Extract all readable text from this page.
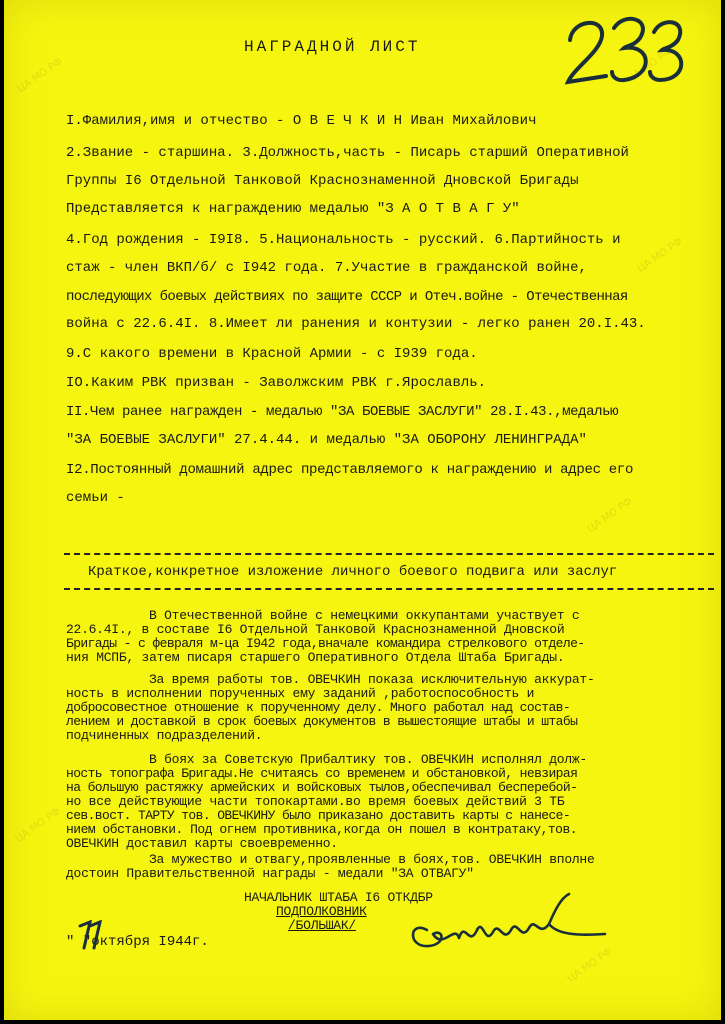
ЦА МО РФ	ЦА МО РФ
ЦА МО РФ
ЦА МО РФ
ЦА МО РФ
ЦА МО РФ
НАГРАДНОЙ ЛИСТ
I.Фамилия,имя и отчество - О В Е Ч К И Н Иван Михайлович
2.Звание - старшина. 3.Должность,часть - Писарь старший Оперативной
Группы I6 Отдельной Танковой Краснознаменной Дновской Бригады
Представляется к награждению медалью "З А О Т В А Г У"
4.Год рождения - I9I8. 5.Национальность - русский. 6.Партийность и
стаж - член ВКП/б/ с I942 года. 7.Участие в гражданской войне,
последующих боевых действиях по защите СССР и Отеч.войне - Отечественная
война с 22.6.4I. 8.Имеет ли ранения и контузии - легко ранен 20.I.43.
9.С какого времени в Красной Армии - с I939 года.
IO.Каким РВК призван - Заволжским РВК г.Ярославль.
II.Чем ранее награжден - медалью "ЗА БОЕВЫЕ ЗАСЛУГИ" 28.I.43.,медалью
"ЗА БОЕВЫЕ ЗАСЛУГИ" 27.4.44. и медалью "ЗА ОБОРОНУ ЛЕНИНГРАДА"
I2.Постоянный домашний адрес представляемого к награждению и адрес его
семьи -
Краткое,конкретное изложение личного боевого подвига или заслуг
В Отечественной войне с немецкими оккупантами участвует с
22.6.4I., в составе I6 Отдельной Танковой Краснознаменной Дновской
Бригады - с февраля м-ца I942 года,вначале командира стрелкового отделе-
ния МСПБ, затем писаря старшего Оперативного Отдела Штаба Бригады.
За время работы тов. ОВЕЧКИН показа исключительную аккурат-
ность в исполнении порученных ему заданий ,работоспособность и
добросовестное отношение к порученному делу. Много работал над состав-
лением и доставкой в срок боевых документов в вышестоящие штабы и штабы
подчиненных подразделений.
В боях за Советскую Прибалтику тов. ОВЕЧКИН исполнял долж-
ность топографа Бригады.Не считаясь со временем и обстановкой, невзирая
на большую растяжку армейских и войсковых тылов,обеспечивал бесперебой-
но все действующие части топокартами.во время боевых действий 3 ТБ
сев.вост. ТАРТУ тов. ОВЕЧКИНУ было приказано доставить карты с нанесе-
нием обстановки. Под огнем противника,когда он пошел в контратаку,тов.
ОВЕЧКИН доставил карты своевременно.
За мужество и отвагу,проявленные в боях,тов. ОВЕЧКИН вполне
достоин Правительственной награды - медали "ЗА ОТВАГУ"
НАЧАЛЬНИК ШТАБА I6 ОТКДБР
ПОДПОЛКОВНИК
/БОЛЬШАК/
" "октября I944г.
